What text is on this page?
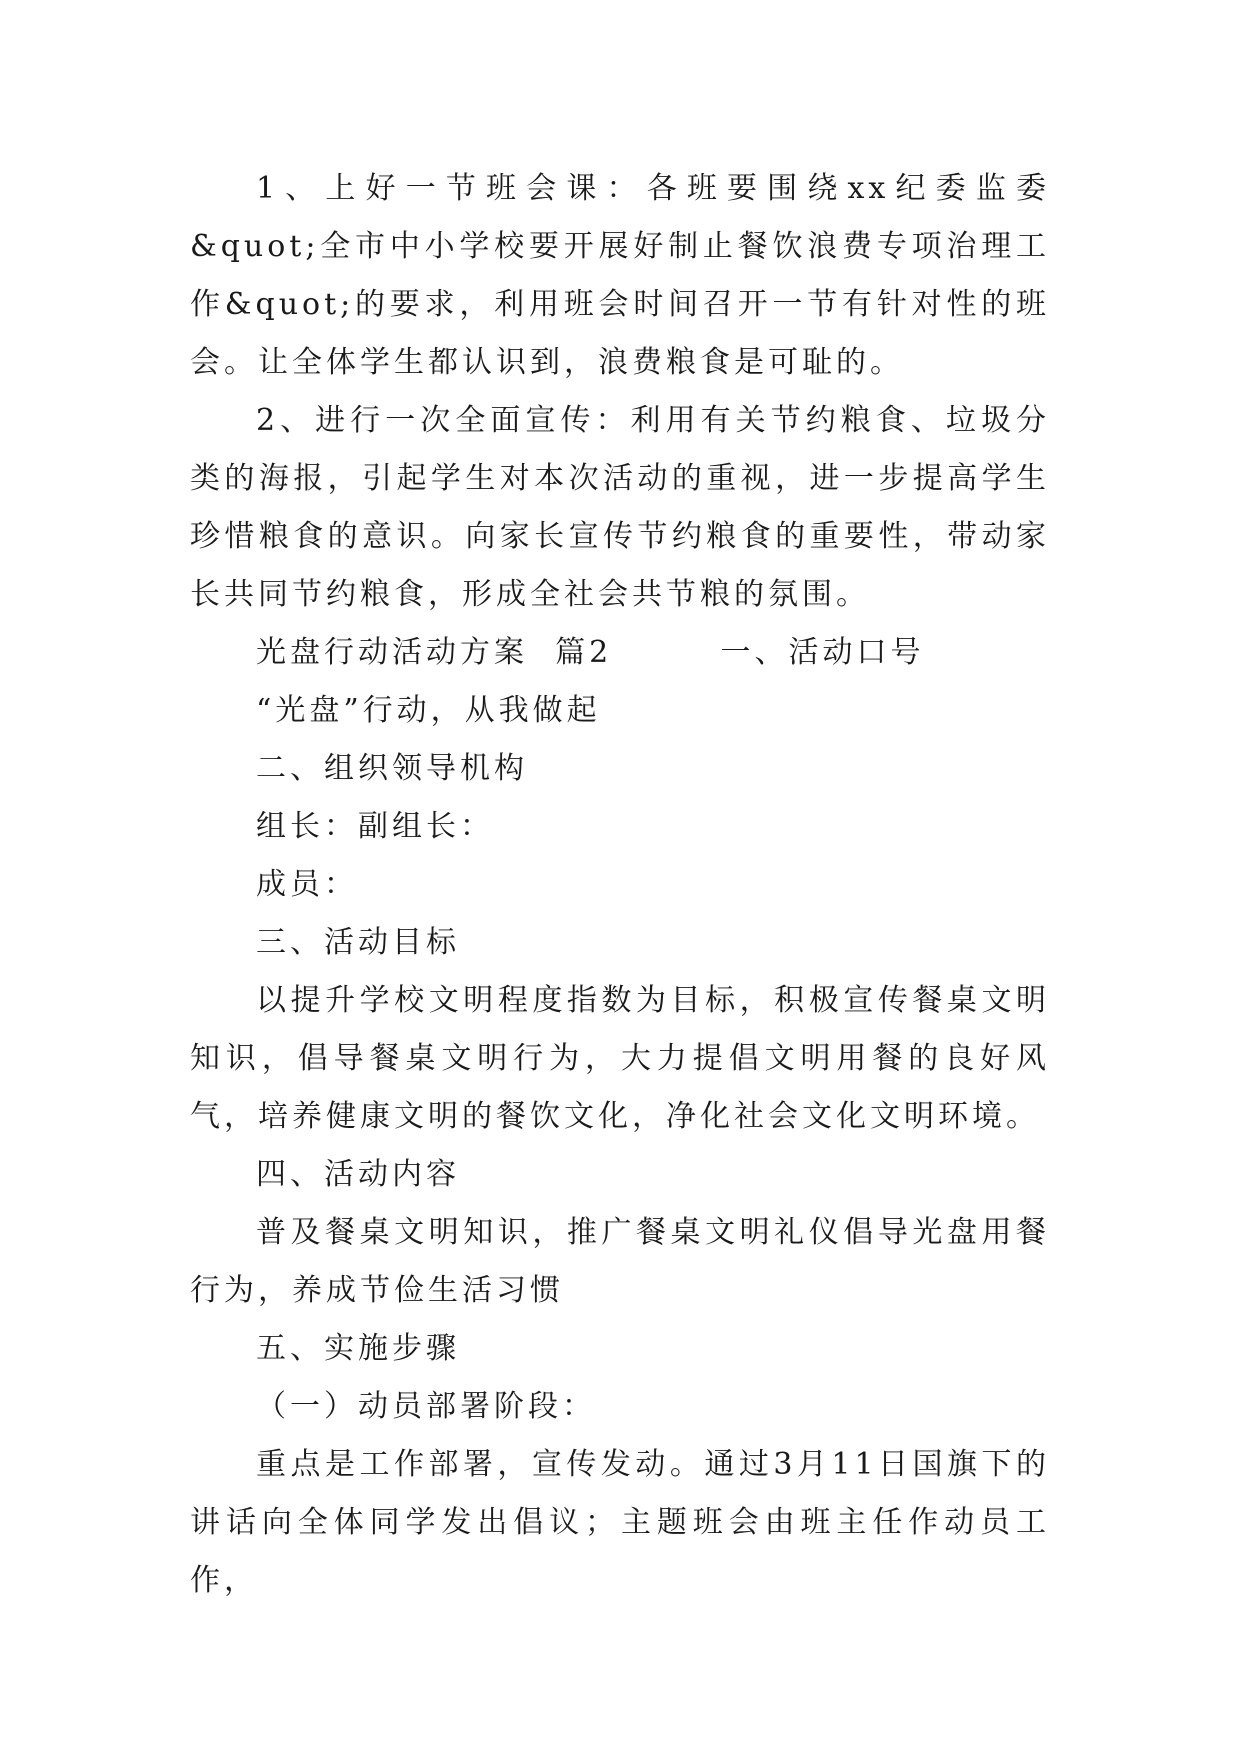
1、上好一节班会课：各班要围绕xx纪委监委&quot;全市中小学校要开展好制止餐饮浪费专项治理工作&quot;的要求，利用班会时间召开一节有针对性的班会。让全体学生都认识到，浪费粮食是可耻的。

2、进行一次全面宣传：利用有关节约粮食、垃圾分类的海报，引起学生对本次活动的重视，进一步提高学生珍惜粮食的意识。向家长宣传节约粮食的重要性，带动家长共同节约粮食，形成全社会共节粮的氛围。

光盘行动活动方案  篇2        一、活动口号

“光盘”行动，从我做起

二、组织领导机构

组长：副组长：

成员：

三、活动目标

以提升学校文明程度指数为目标，积极宣传餐桌文明知识，倡导餐桌文明行为，大力提倡文明用餐的良好风气，培养健康文明的餐饮文化，净化社会文化文明环境。

四、活动内容

普及餐桌文明知识，推广餐桌文明礼仪倡导光盘用餐行为，养成节俭生活习惯

五、实施步骤

（一）动员部署阶段：

重点是工作部署，宣传发动。通过3月11日国旗下的讲话向全体同学发出倡议；主题班会由班主任作动员工作，
